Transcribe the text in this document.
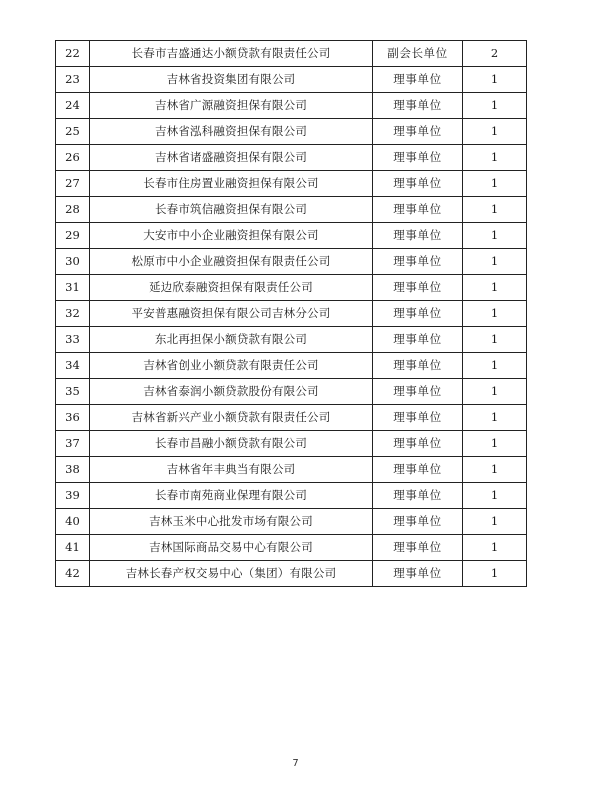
22	长春市吉盛通达小额贷款有限责任公司	副会长单位	2
23	吉林省投资集团有限公司	理事单位	1
24	吉林省广源融资担保有限公司	理事单位	1
25	吉林省泓科融资担保有限公司	理事单位	1
26	吉林省诸盛融资担保有限公司	理事单位	1
27	长春市住房置业融资担保有限公司	理事单位	1
28	长春市筑信融资担保有限公司	理事单位	1
29	大安市中小企业融资担保有限公司	理事单位	1
30	松原市中小企业融资担保有限责任公司	理事单位	1
31	延边欣泰融资担保有限责任公司	理事单位	1
32	平安普惠融资担保有限公司吉林分公司	理事单位	1
33	东北再担保小额贷款有限公司	理事单位	1
34	吉林省创业小额贷款有限责任公司	理事单位	1
35	吉林省泰润小额贷款股份有限公司	理事单位	1
36	吉林省新兴产业小额贷款有限责任公司	理事单位	1
37	长春市昌融小额贷款有限公司	理事单位	1
38	吉林省年丰典当有限公司	理事单位	1
39	长春市南苑商业保理有限公司	理事单位	1
40	吉林玉米中心批发市场有限公司	理事单位	1
41	吉林国际商品交易中心有限公司	理事单位	1
42	吉林长春产权交易中心（集团）有限公司	理事单位	1
7
